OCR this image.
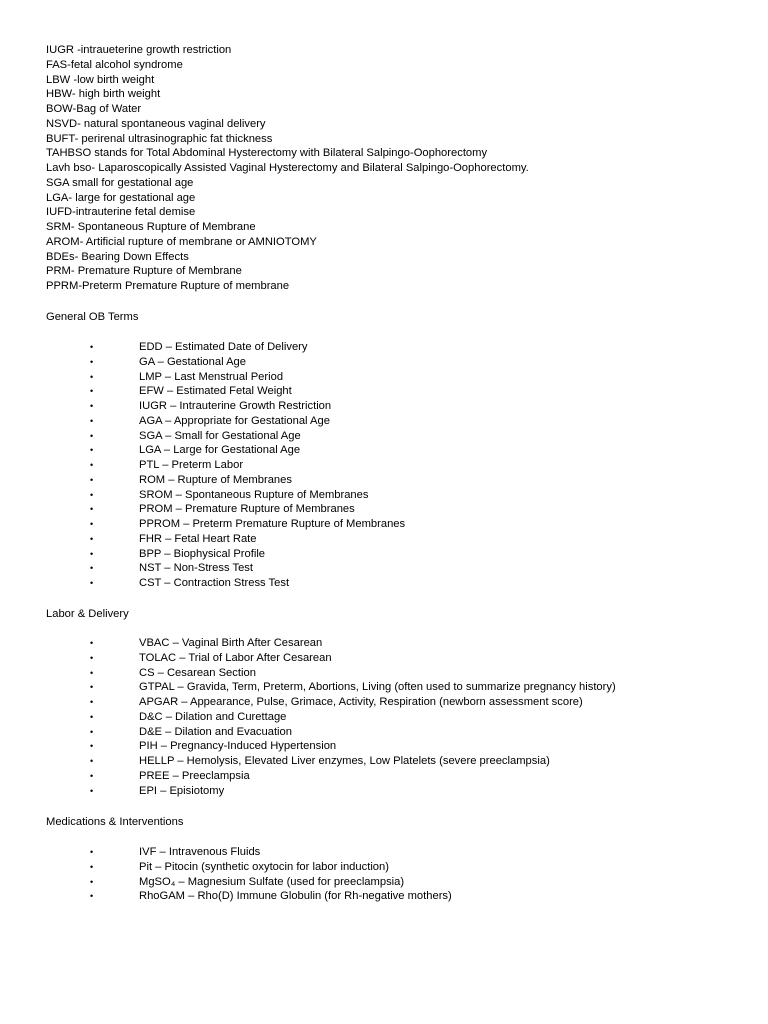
IUGR -intraueterine growth restriction
FAS-fetal alcohol syndrome
LBW -low birth weight
HBW- high birth weight
BOW-Bag of Water
NSVD- natural spontaneous vaginal delivery
BUFT- perirenal ultrasinographic fat thickness
TAHBSO stands for Total Abdominal Hysterectomy with Bilateral Salpingo-Oophorectomy
Lavh bso- Laparoscopically Assisted Vaginal Hysterectomy and Bilateral Salpingo-Oophorectomy.
SGA small for gestational age
LGA- large for gestational age
IUFD-intrauterine fetal demise
SRM- Spontaneous Rupture of Membrane
AROM- Artificial rupture of membrane or AMNIOTOMY
BDEs- Bearing Down Effects
PRM- Premature Rupture of Membrane
PPRM-Preterm Premature Rupture of membrane
General OB Terms
•	EDD – Estimated Date of Delivery
•	GA – Gestational Age
•	LMP – Last Menstrual Period
•	EFW – Estimated Fetal Weight
•	IUGR – Intrauterine Growth Restriction
•	AGA – Appropriate for Gestational Age
•	SGA – Small for Gestational Age
•	LGA – Large for Gestational Age
•	PTL – Preterm Labor
•	ROM – Rupture of Membranes
•	SROM – Spontaneous Rupture of Membranes
•	PROM – Premature Rupture of Membranes
•	PPROM – Preterm Premature Rupture of Membranes
•	FHR – Fetal Heart Rate
•	BPP – Biophysical Profile
•	NST – Non-Stress Test
•	CST – Contraction Stress Test
Labor & Delivery
•	VBAC – Vaginal Birth After Cesarean
•	TOLAC – Trial of Labor After Cesarean
•	CS – Cesarean Section
•	GTPAL – Gravida, Term, Preterm, Abortions, Living (often used to summarize pregnancy history)
•	APGAR – Appearance, Pulse, Grimace, Activity, Respiration (newborn assessment score)
•	D&C – Dilation and Curettage
•	D&E – Dilation and Evacuation
•	PIH – Pregnancy-Induced Hypertension
•	HELLP – Hemolysis, Elevated Liver enzymes, Low Platelets (severe preeclampsia)
•	PREE – Preeclampsia
•	EPI – Episiotomy
Medications & Interventions
•	IVF – Intravenous Fluids
•	Pit – Pitocin (synthetic oxytocin for labor induction)
•	MgSO₄ – Magnesium Sulfate (used for preeclampsia)
•	RhoGAM – Rho(D) Immune Globulin (for Rh-negative mothers)
